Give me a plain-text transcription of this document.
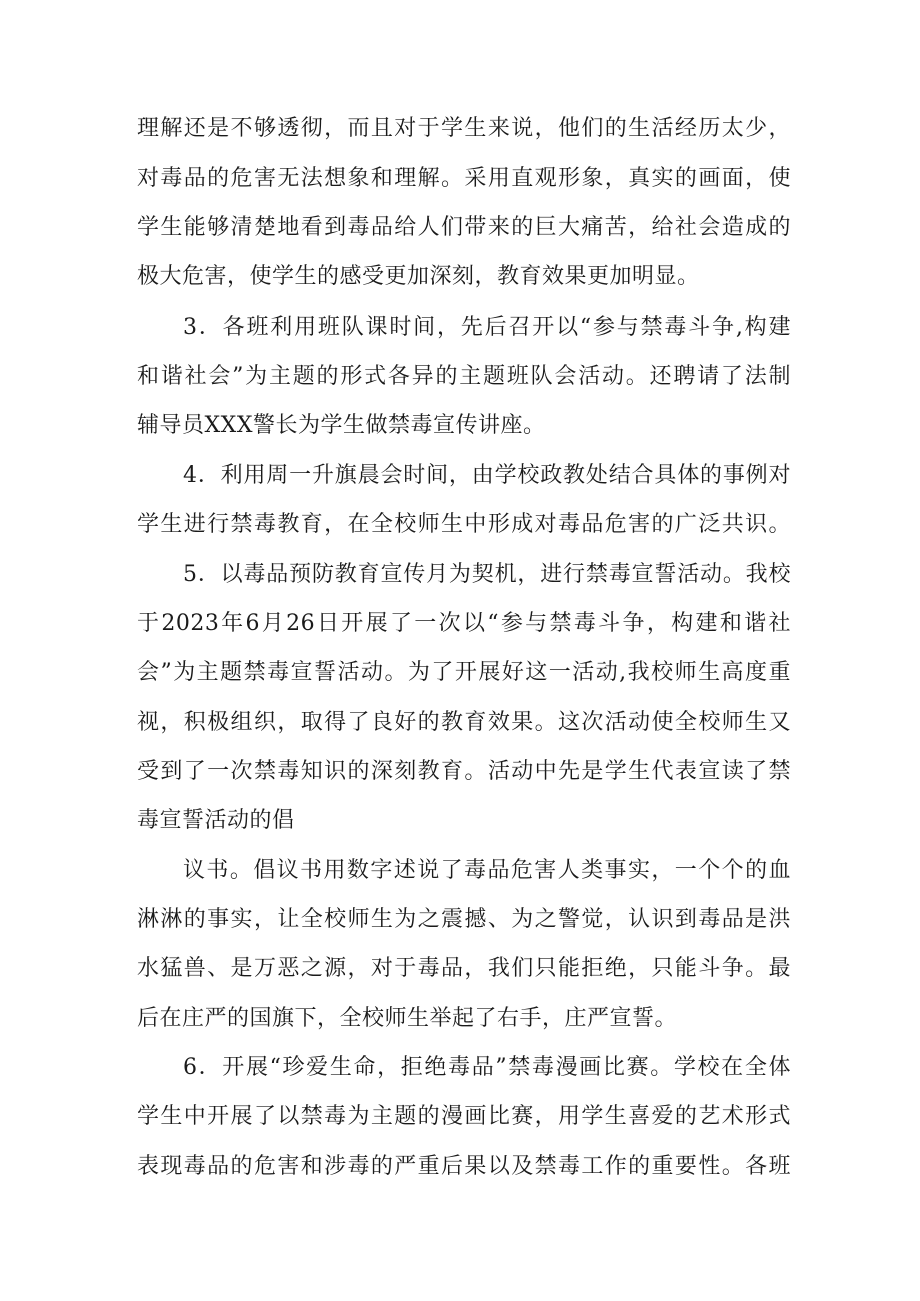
理解还是不够透彻，而且对于学生来说，他们的生活经历太少，
对毒品的危害无法想象和理解。采用直观形象，真实的画面，使
学生能够清楚地看到毒品给人们带来的巨大痛苦，给社会造成的
极大危害，使学生的感受更加深刻，教育效果更加明显。
3．各班利用班队课时间，先后召开以“参与禁毒斗争,构建
和谐社会”为主题的形式各异的主题班队会活动。还聘请了法制
辅导员XXX警长为学生做禁毒宣传讲座。
4．利用周一升旗晨会时间，由学校政教处结合具体的事例对
学生进行禁毒教育，在全校师生中形成对毒品危害的广泛共识。
5．以毒品预防教育宣传月为契机，进行禁毒宣誓活动。我校
于2023年6月26日开展了一次以“参与禁毒斗争，构建和谐社
会”为主题禁毒宣誓活动。为了开展好这一活动,我校师生高度重
视，积极组织，取得了良好的教育效果。这次活动使全校师生又
受到了一次禁毒知识的深刻教育。活动中先是学生代表宣读了禁
毒宣誓活动的倡
议书。倡议书用数字述说了毒品危害人类事实，一个个的血
淋淋的事实，让全校师生为之震撼、为之警觉，认识到毒品是洪
水猛兽、是万恶之源，对于毒品，我们只能拒绝，只能斗争。最
后在庄严的国旗下，全校师生举起了右手，庄严宣誓。
6．开展“珍爱生命，拒绝毒品”禁毒漫画比赛。学校在全体
学生中开展了以禁毒为主题的漫画比赛，用学生喜爱的艺术形式
表现毒品的危害和涉毒的严重后果以及禁毒工作的重要性。各班
